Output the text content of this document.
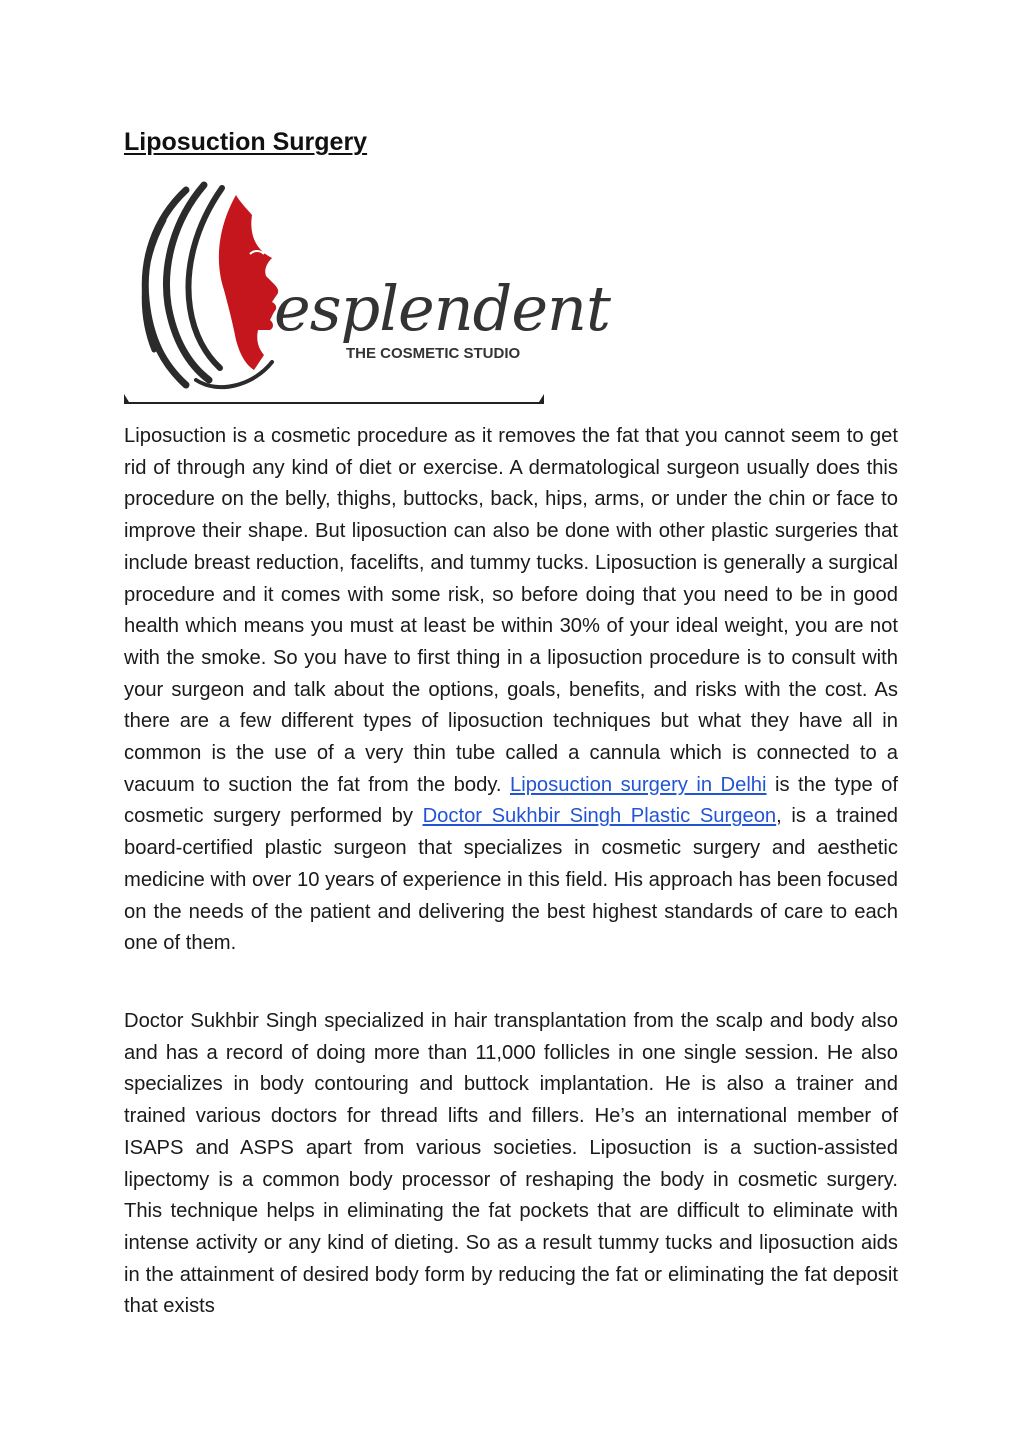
Liposuction Surgery
esplendent
THE COSMETIC STUDIO

Liposuction is a cosmetic procedure as it removes the fat that you cannot seem to get rid of through any kind of diet or exercise. A dermatological surgeon usually does this procedure on the belly, thighs, buttocks, back, hips, arms, or under the chin or face to improve their shape. But liposuction can also be done with other plastic surgeries that include breast reduction, facelifts, and tummy tucks. Liposuction is generally a surgical procedure and it comes with some risk, so before doing that you need to be in good health which means you must at least be within 30% of your ideal weight, you are not with the smoke. So you have to first thing in a liposuction procedure is to consult with your surgeon and talk about the options, goals, benefits, and risks with the cost. As there are a few different types of liposuction techniques but what they have all in common is the use of a very thin tube called a cannula which is connected to a vacuum to suction the fat from the body. Liposuction surgery in Delhi is the type of cosmetic surgery performed by Doctor Sukhbir Singh Plastic Surgeon, is a trained board-certified plastic surgeon that specializes in cosmetic surgery and aesthetic medicine with over 10 years of experience in this field. His approach has been focused on the needs of the patient and delivering the best highest standards of care to each one of them.

Doctor Sukhbir Singh specialized in hair transplantation from the scalp and body also and has a record of doing more than 11,000 follicles in one single session. He also specializes in body contouring and buttock implantation. He is also a trainer and trained various doctors for thread lifts and fillers. He’s an international member of ISAPS and ASPS apart from various societies. Liposuction is a suction-assisted lipectomy is a common body processor of reshaping the body in cosmetic surgery. This technique helps in eliminating the fat pockets that are difficult to eliminate with intense activity or any kind of dieting. So as a result tummy tucks and liposuction aids in the attainment of desired body form by reducing the fat or eliminating the fat deposit that exists
